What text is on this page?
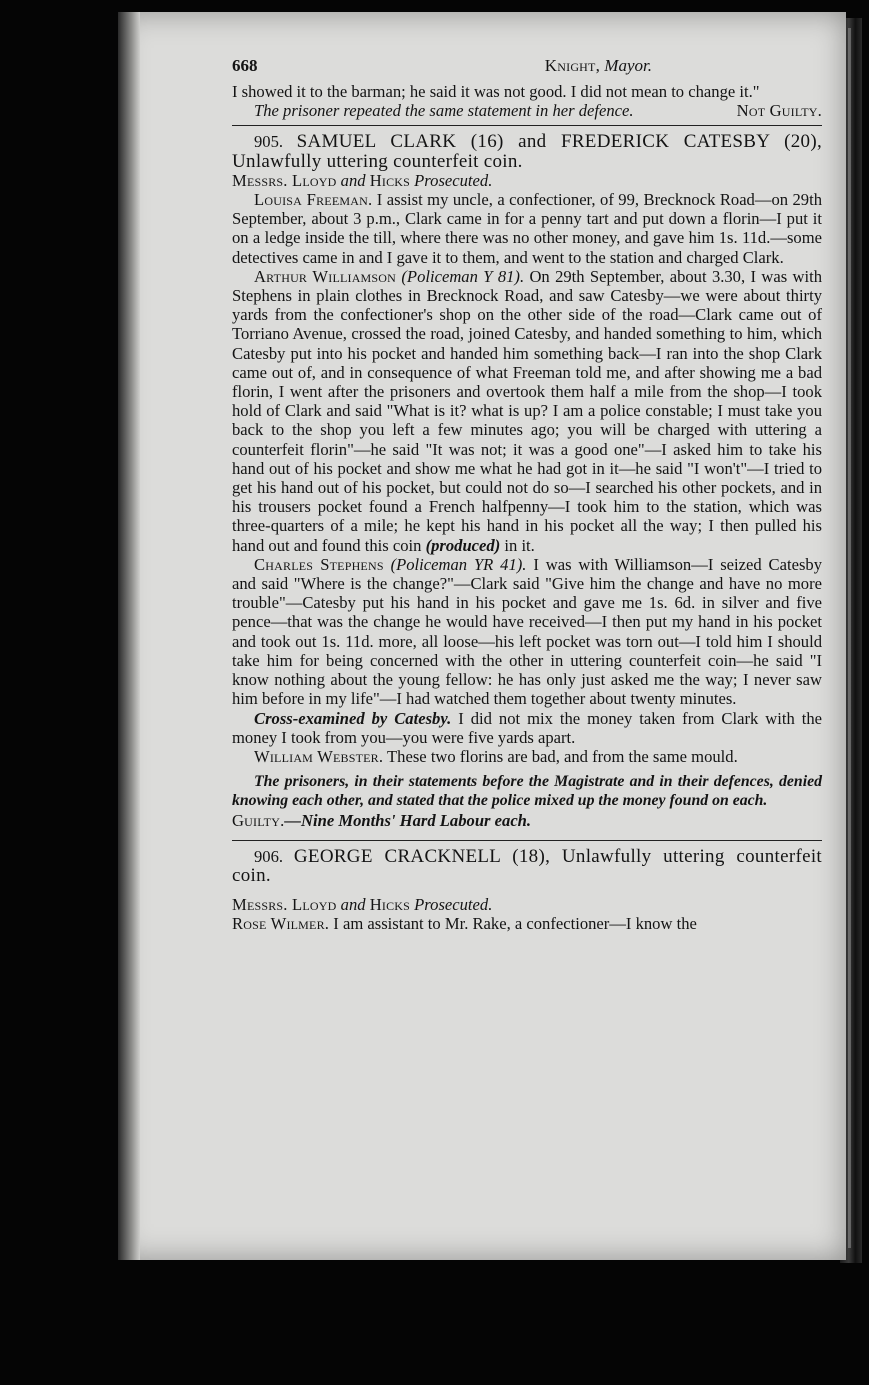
668	Knight, Mayor.

I showed it to the barman; he said it was not good. I did not mean to change it."

The prisoner repeated the same statement in her defence.	Not Guilty.

905. SAMUEL CLARK (16) and FREDERICK CATESBY (20), Unlawfully uttering counterfeit coin.

Messrs. Lloyd and Hicks Prosecuted.

Louisa Freeman. I assist my uncle, a confectioner, of 99, Brecknock Road—on 29th September, about 3 p.m., Clark came in for a penny tart and put down a florin—I put it on a ledge inside the till, where there was no other money, and gave him 1s. 11d.—some detectives came in and I gave it to them, and went to the station and charged Clark.

Arthur Williamson (Policeman Y 81). On 29th September, about 3.30, I was with Stephens in plain clothes in Brecknock Road, and saw Catesby—we were about thirty yards from the confectioner's shop on the other side of the road—Clark came out of Torriano Avenue, crossed the road, joined Catesby, and handed something to him, which Catesby put into his pocket and handed him something back—I ran into the shop Clark came out of, and in consequence of what Freeman told me, and after showing me a bad florin, I went after the prisoners and overtook them half a mile from the shop—I took hold of Clark and said "What is it? what is up? I am a police constable; I must take you back to the shop you left a few minutes ago; you will be charged with uttering a counterfeit florin"—he said "It was not; it was a good one"—I asked him to take his hand out of his pocket and show me what he had got in it—he said "I won't"—I tried to get his hand out of his pocket, but could not do so—I searched his other pockets, and in his trousers pocket found a French halfpenny—I took him to the station, which was three-quarters of a mile; he kept his hand in his pocket all the way; I then pulled his hand out and found this coin (produced) in it.

Charles Stephens (Policeman YR 41). I was with Williamson—I seized Catesby and said "Where is the change?"—Clark said "Give him the change and have no more trouble"—Catesby put his hand in his pocket and gave me 1s. 6d. in silver and five pence—that was the change he would have received—I then put my hand in his pocket and took out 1s. 11d. more, all loose—his left pocket was torn out—I told him I should take him for being concerned with the other in uttering counterfeit coin—he said "I know nothing about the young fellow: he has only just asked me the way; I never saw him before in my life"—I had watched them together about twenty minutes.

Cross-examined by Catesby. I did not mix the money taken from Clark with the money I took from you—you were five yards apart.

William Webster. These two florins are bad, and from the same mould.

The prisoners, in their statements before the Magistrate and in their defences, denied knowing each other, and stated that the police mixed up the money found on each.

Guilty.—Nine Months' Hard Labour each.

906. GEORGE CRACKNELL (18), Unlawfully uttering counterfeit coin.

Messrs. Lloyd and Hicks Prosecuted.

Rose Wilmer. I am assistant to Mr. Rake, a confectioner—I know the
